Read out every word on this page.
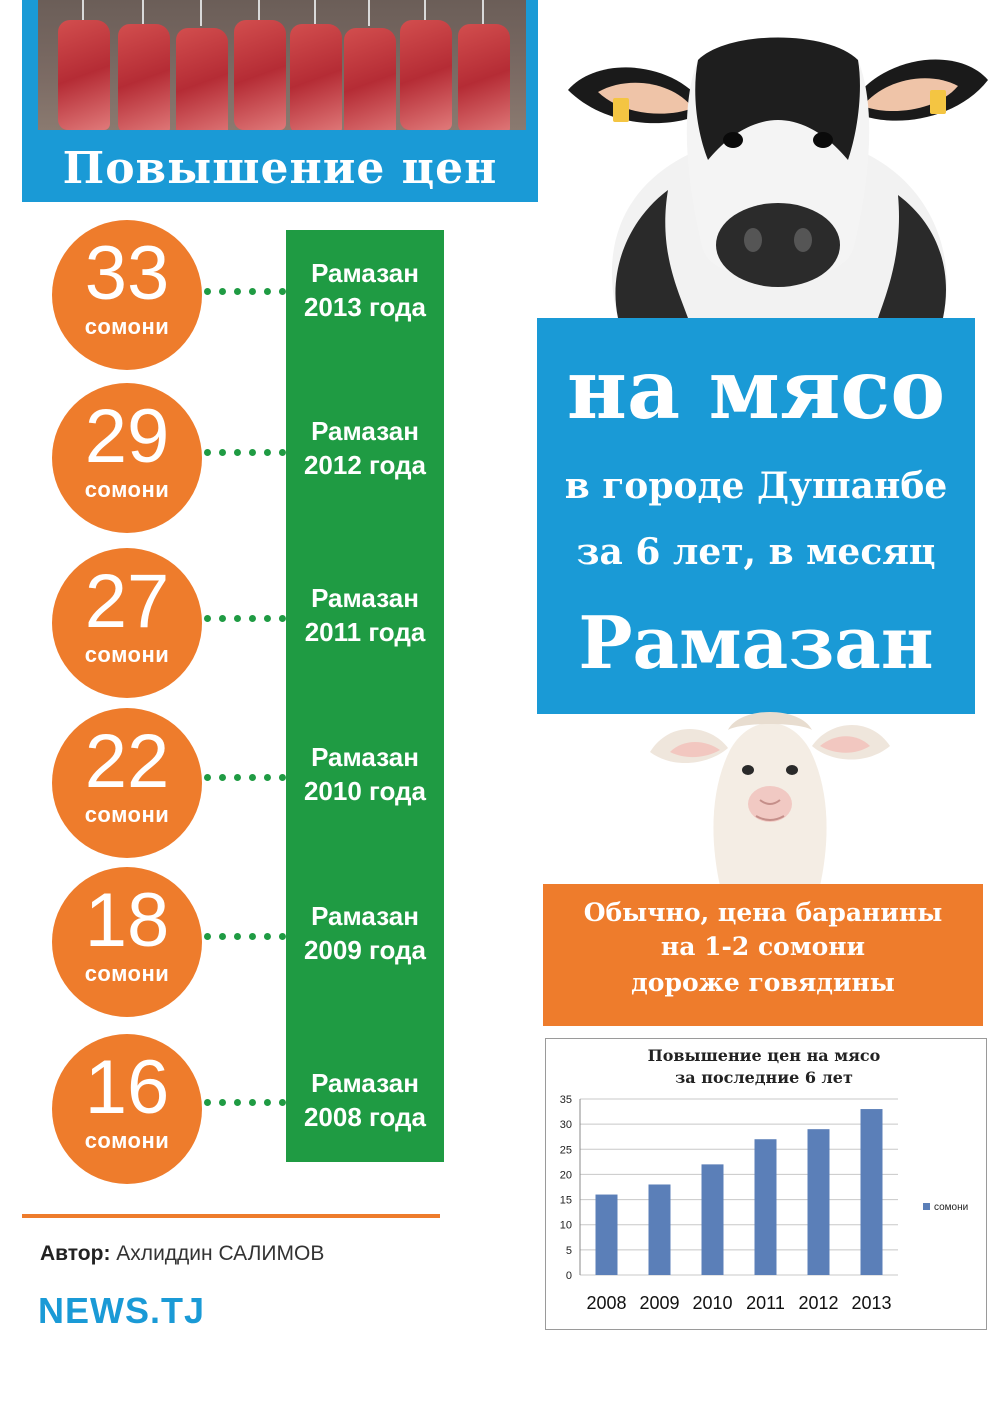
Повышение цен
33
сомони
Рамазан
2013 года
29
сомони
Рамазан
2012 года
27
сомони
Рамазан
2011 года
22
сомони
Рамазан
2010 года
18
сомони
Рамазан
2009 года
16
сомони
Рамазан
2008 года
Автор: Ахлиддин САЛИМОВ
NEWS.TJ
на мясо
в городе Душанбе
за 6 лет, в месяц
Рамазан
Обычно, цена баранины
на 1-2 сомони
дороже говядины
Повышение цен на мясо
за последние 6 лет
0
5
10
15
20
25
30
35
2008 2009 2010 2011 2012 2013
сомони
